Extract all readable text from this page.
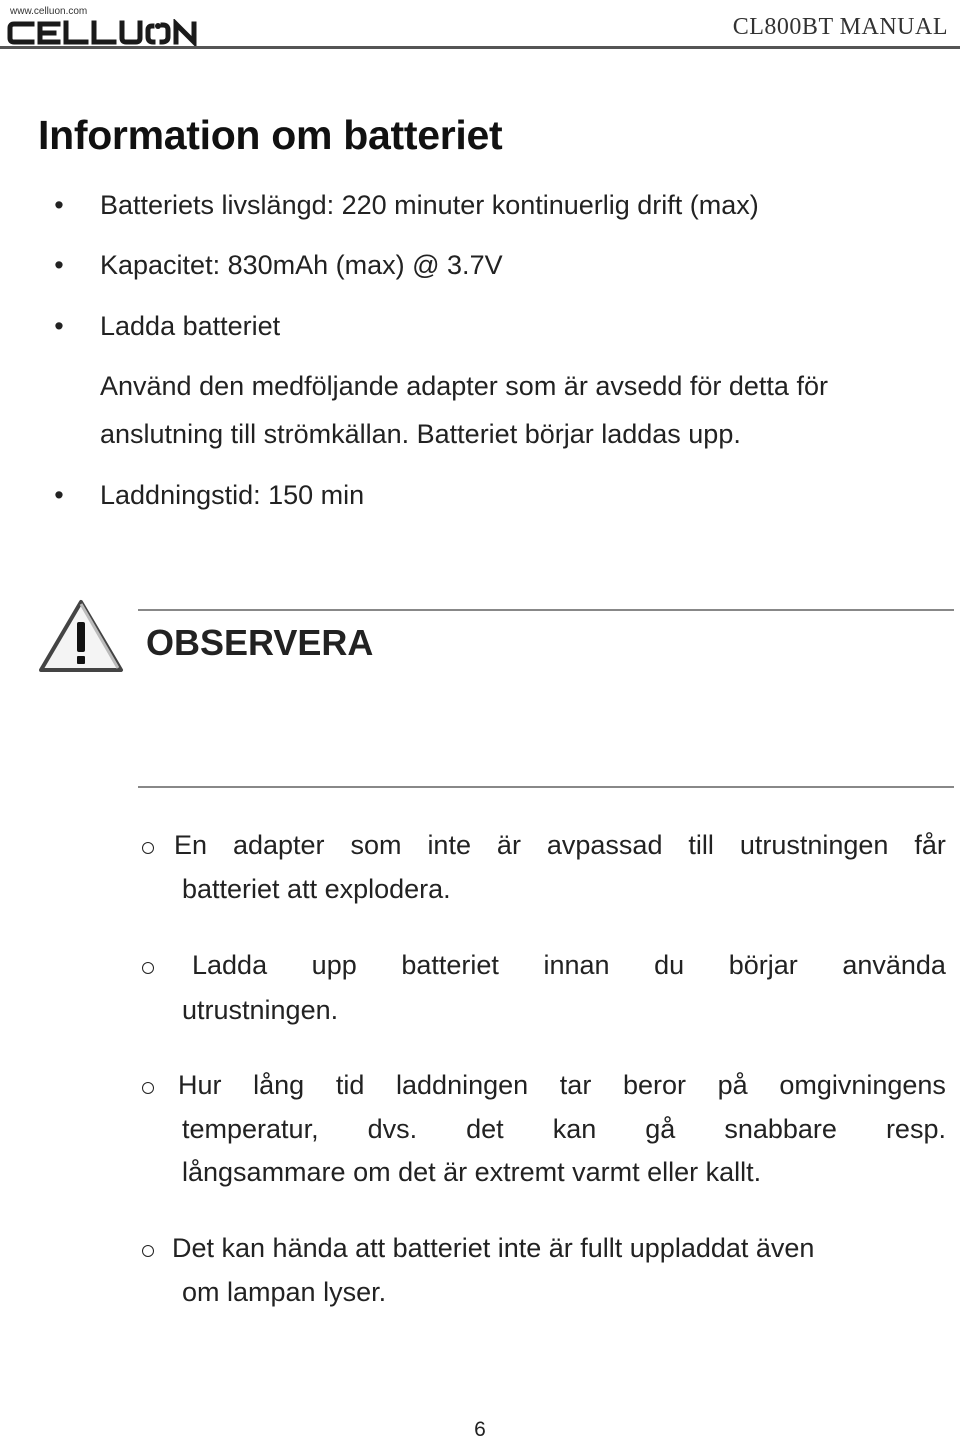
www.celluon.com
CL800BT MANUAL
Information om batteriet
• Batteriets livslängd: 220 minuter kontinuerlig drift (max)
• Kapacitet: 830mAh (max) @ 3.7V
• Ladda batteriet
Använd den medföljande adapter som är avsedd för detta för
anslutning till strömkällan. Batteriet börjar laddas upp.
• Laddningstid: 150 min
OBSERVERA
En adapter som inte är avpassad till utrustningen får
batteriet att explodera.
Ladda upp batteriet innan du börjar använda
utrustningen.
Hur lång tid laddningen tar beror på omgivningens
temperatur, dvs. det kan gå snabbare resp.
långsammare om det är extremt varmt eller kallt.
Det kan hända att batteriet inte är fullt uppladdat även
om lampan lyser.
6
